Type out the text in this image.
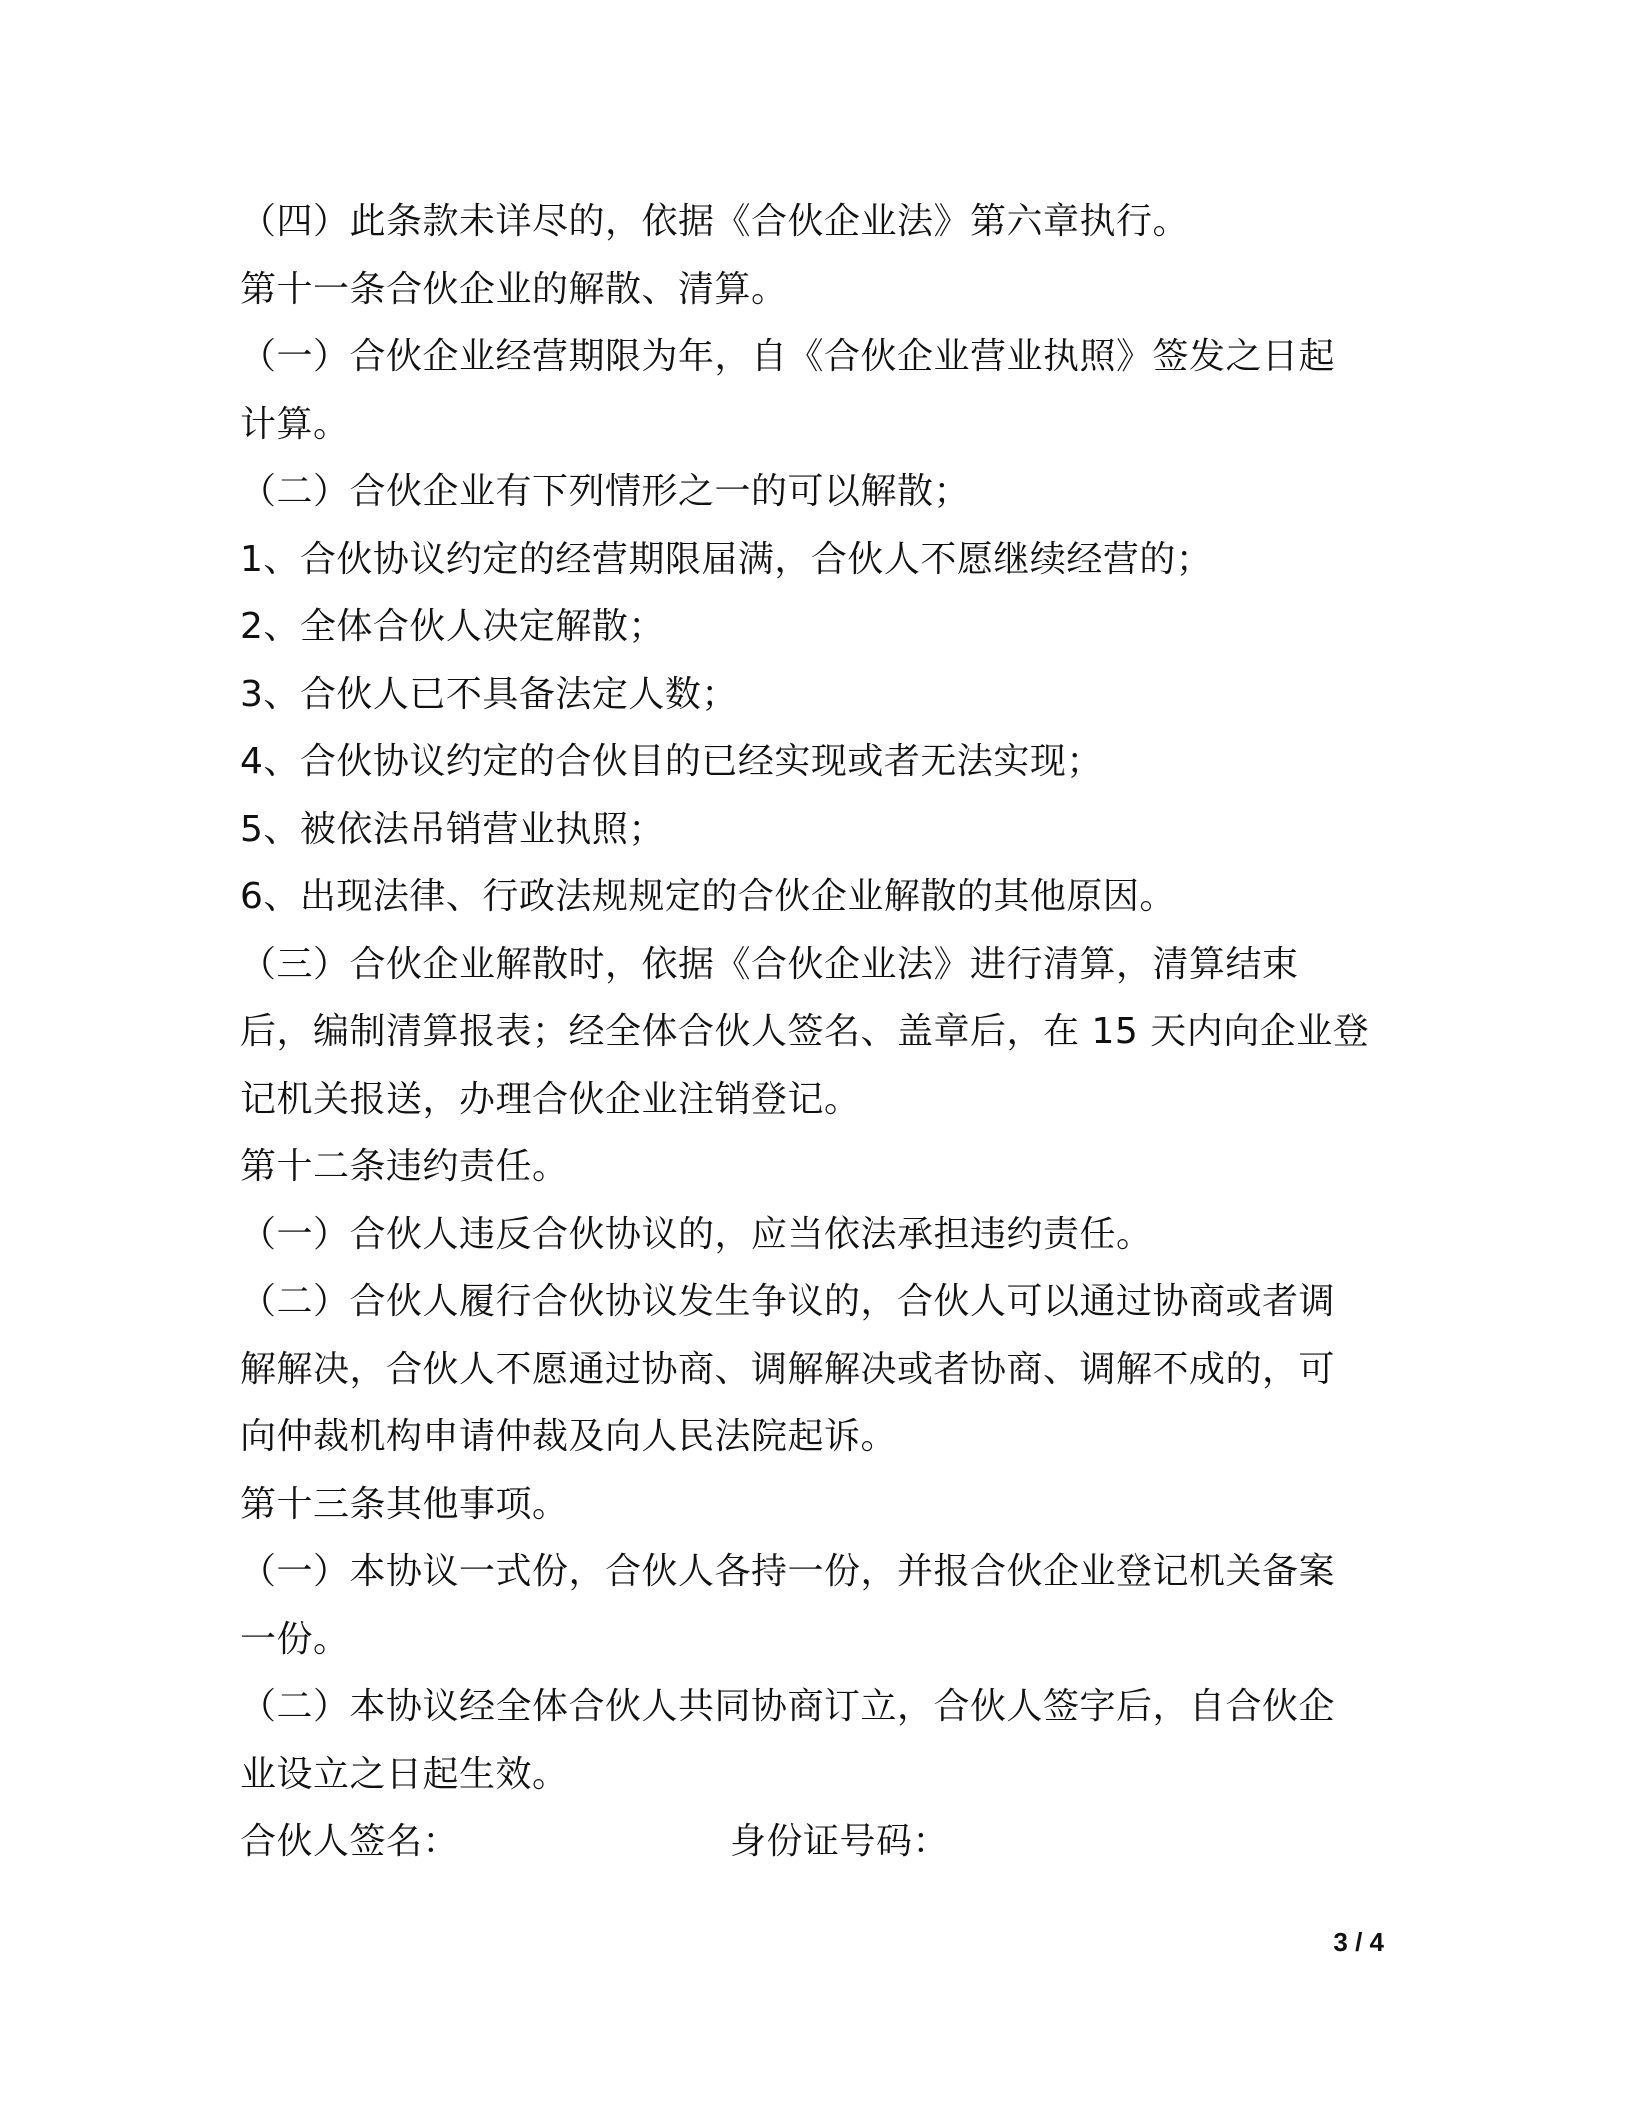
（四）此条款未详尽的，依据《合伙企业法》第六章执行。
第十一条合伙企业的解散、清算。
（一）合伙企业经营期限为年，自《合伙企业营业执照》签发之日起
计算。
（二）合伙企业有下列情形之一的可以解散；
1、合伙协议约定的经营期限届满，合伙人不愿继续经营的；
2、全体合伙人决定解散；
3、合伙人已不具备法定人数；
4、合伙协议约定的合伙目的已经实现或者无法实现；
5、被依法吊销营业执照；
6、出现法律、行政法规规定的合伙企业解散的其他原因。
（三）合伙企业解散时，依据《合伙企业法》进行清算，清算结束
后，编制清算报表；经全体合伙人签名、盖章后，在 15 天内向企业登
记机关报送，办理合伙企业注销登记。
第十二条违约责任。
（一）合伙人违反合伙协议的，应当依法承担违约责任。
（二）合伙人履行合伙协议发生争议的，合伙人可以通过协商或者调
解解决，合伙人不愿通过协商、调解解决或者协商、调解不成的，可
向仲裁机构申请仲裁及向人民法院起诉。
第十三条其他事项。
（一）本协议一式份，合伙人各持一份，并报合伙企业登记机关备案
一份。
（二）本协议经全体合伙人共同协商订立，合伙人签字后，自合伙企
业设立之日起生效。
合伙人签名：	身份证号码：
3 / 4
